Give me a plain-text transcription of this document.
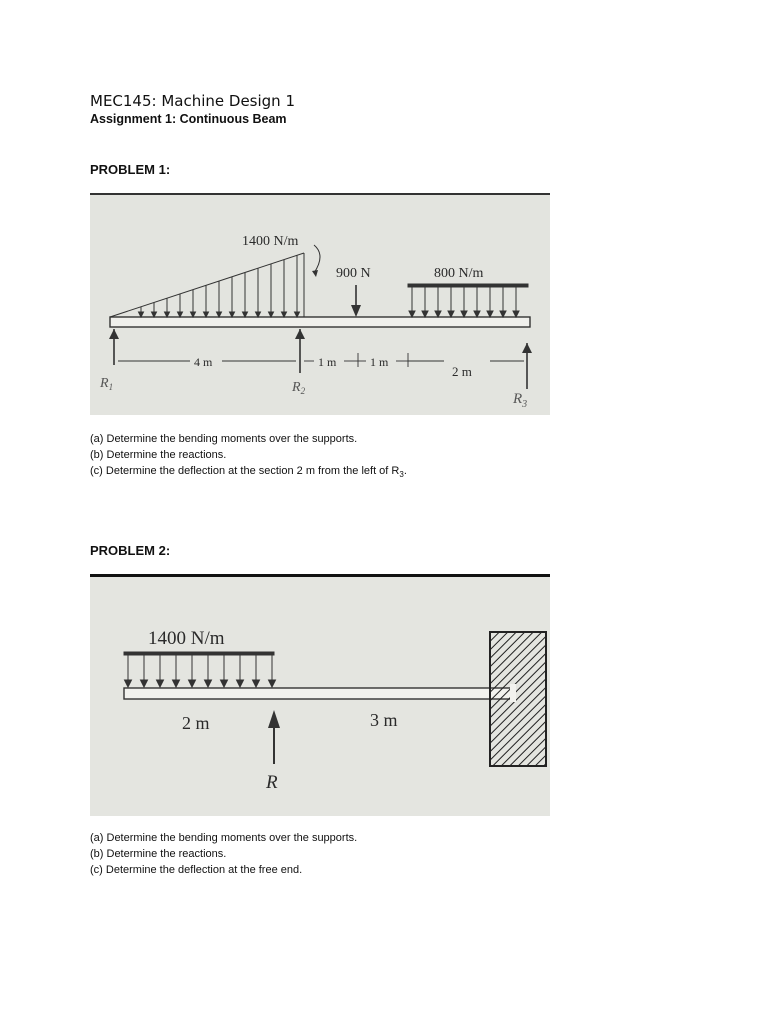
MEC145: Machine Design 1
Assignment 1: Continuous Beam
PROBLEM 1:
1400 N/m
900 N	800 N/m
4 m	1 m	1 m
2 m
$R_1$	$R_2$	$R_3$
(a) Determine the bending moments over the supports.
(b) Determine the reactions.
(c) Determine the deflection at the section 2 m from the left of $R_3$.
PROBLEM 2:
1400 N/m
R
2 m	3 m
(a) Determine the bending moments over the supports.
(b) Determine the reactions.
(c) Determine the deflection at the free end.
